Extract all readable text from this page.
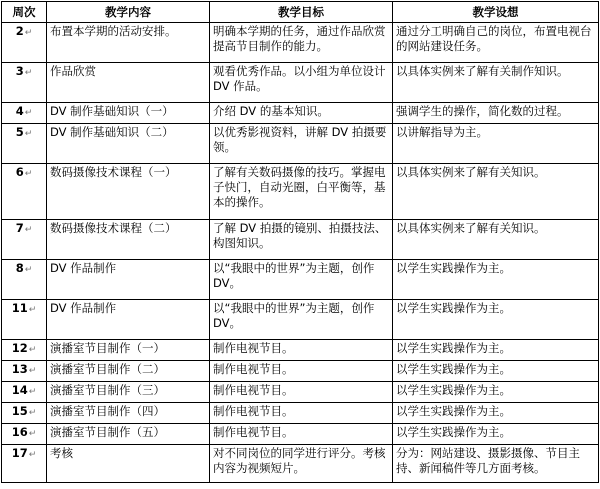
周次	教学内容	教学目标	教学设想
2↵	布置本学期的活动安排。	明确本学期的任务，通过作品欣赏提高节目制作的能力。	通过分工明确自己的岗位，布置电视台的网站建设任务。
3↵	作品欣赏	观看优秀作品。以小组为单位设计 DV 作品。	以具体实例来了解有关制作知识。
4↵	DV 制作基础知识（一）	介绍 DV 的基本知识。	强调学生的操作，简化数的过程。
5↵	DV 制作基础知识（二）	以优秀影视资料，讲解 DV 拍摄要领。	以讲解指导为主。
6↵	数码摄像技术课程（一）	了解有关数码摄像的技巧。掌握电子快门，自动光圈，白平衡等，基本的操作。	以具体实例来了解有关知识。
7↵	数码摄像技术课程（二）	了解 DV 拍摄的镜别、拍摄技法、构图知识。	以具体实例来了解有关知识。
8↵	DV 作品制作	以“我眼中的世界”为主题，创作 DV。	以学生实践操作为主。
11↵	DV 作品制作	以“我眼中的世界”为主题，创作 DV。	以学生实践操作为主。
12↵	演播室节目制作（一）	制作电视节目。	以学生实践操作为主。
13↵	演播室节目制作（二）	制作电视节目。	以学生实践操作为主。
14↵	演播室节目制作（三）	制作电视节目。	以学生实践操作为主。
15↵	演播室节目制作（四）	制作电视节目。	以学生实践操作为主。
16↵	演播室节目制作（五）	制作电视节目。	以学生实践操作为主。
17↵	考核	对不同岗位的同学进行评分。考核内容为视频短片。	分为：网站建设、摄影摄像、节目主持、新闻稿件等几方面考核。
